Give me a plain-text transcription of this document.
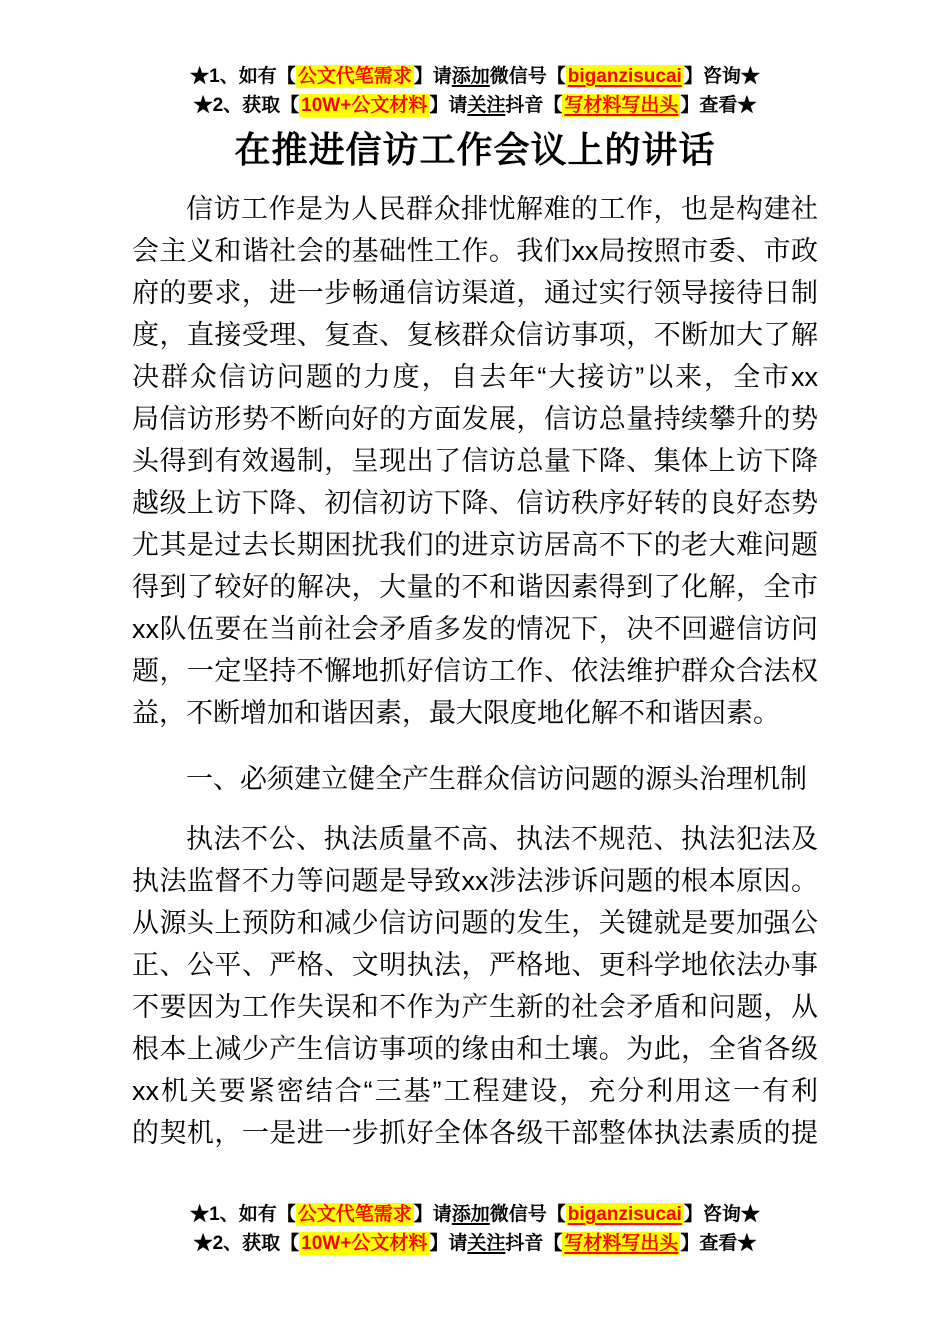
★1、如有【 公文代笔需求 】请添加微信号【 biganzisucai 】咨询★
★2、获取【 10W+公文材料 】请关注抖音【 写材料写出头 】查看★
在推进信访工作会议上的讲话
信访工作是为人民群众排忧解难的工作，也是构建社
会主义和谐社会的基础性工作。我们xx局按照市委、市政
府的要求，进一步畅通信访渠道，通过实行领导接待日制
度，直接受理、复查、复核群众信访事项，不断加大了解
决群众信访问题的力度，自去年“大接访”以来，全市xx
局信访形势不断向好的方面发展，信访总量持续攀升的势
头得到有效遏制，呈现出了信访总量下降、集体上访下降
越级上访下降、初信初访下降、信访秩序好转的良好态势
尤其是过去长期困扰我们的进京访居高不下的老大难问题
得到了较好的解决，大量的不和谐因素得到了化解，全市
xx队伍要在当前社会矛盾多发的情况下，决不回避信访问
题，一定坚持不懈地抓好信访工作、依法维护群众合法权
益，不断增加和谐因素，最大限度地化解不和谐因素。
一、必须建立健全产生群众信访问题的源头治理机制
执法不公、执法质量不高、执法不规范、执法犯法及
执法监督不力等问题是导致xx涉法涉诉问题的根本原因。
从源头上预防和减少信访问题的发生，关键就是要加强公
正、公平、严格、文明执法，严格地、更科学地依法办事
不要因为工作失误和不作为产生新的社会矛盾和问题，从
根本上减少产生信访事项的缘由和土壤。为此，全省各级
xx机关要紧密结合“三基”工程建设，充分利用这一有利
的契机，一是进一步抓好全体各级干部整体执法素质的提
★1、如有【 公文代笔需求 】请添加微信号【 biganzisucai 】咨询★
★2、获取【 10W+公文材料 】请关注抖音【 写材料写出头 】查看★
